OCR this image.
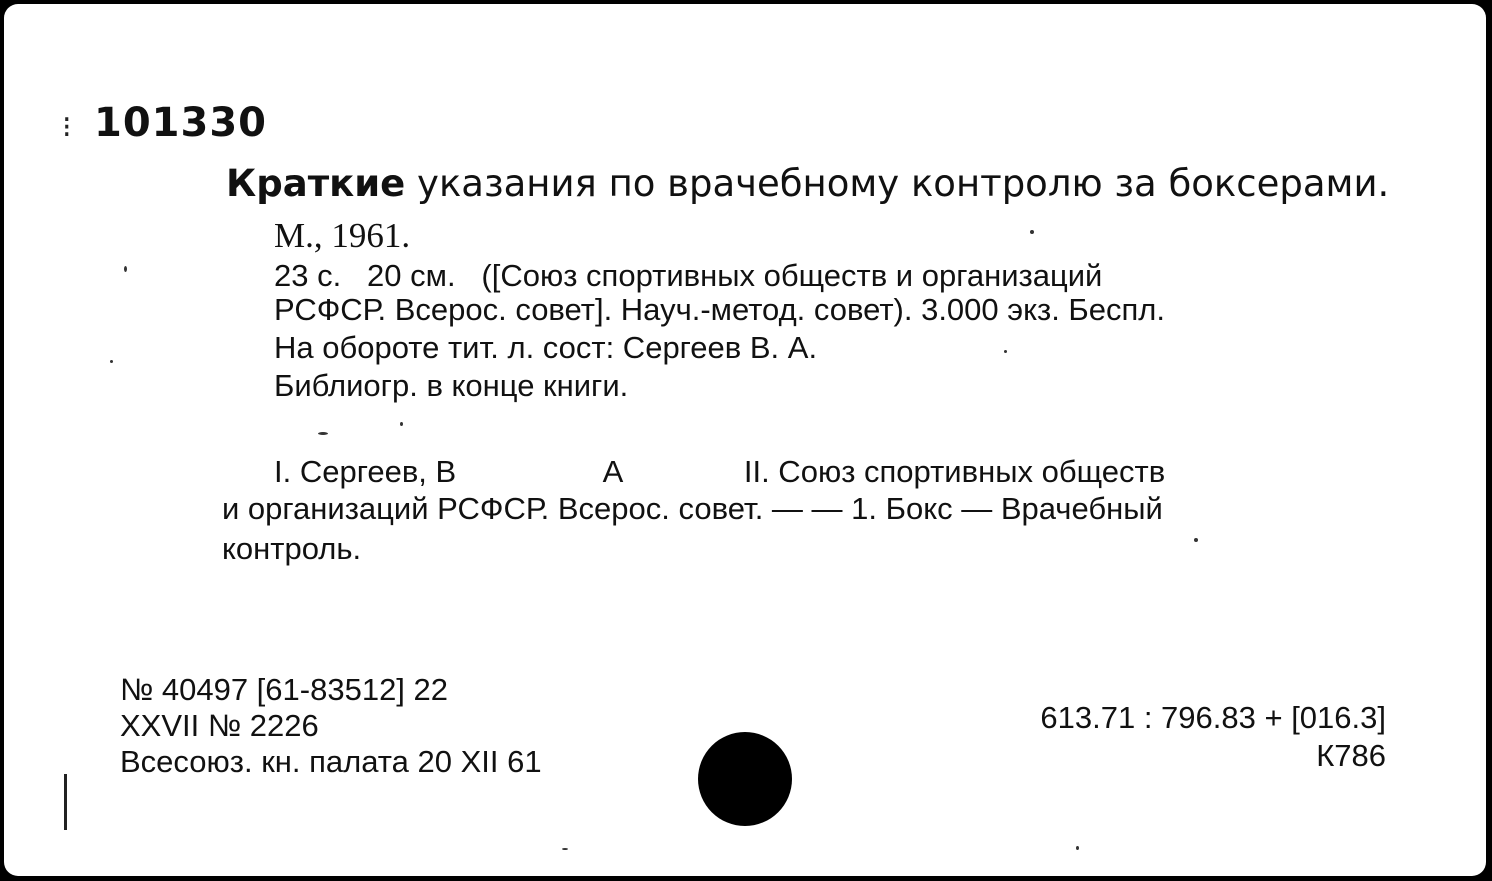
⁝ 101330
Краткие указания по врачебному контролю за боксерами.
М., 1961.
23 с.   20 см.   ([Союз спортивных обществ и организаций
РСФСР. Всерос. совет]. Науч.-метод. совет). 3.000 экз. Беспл.
На обороте тит. л. сост: Сергеев В. А.
Библиогр. в конце книги.
I. Сергеев, В                 А              II. Союз спортивных обществ
и организаций РСФСР. Всерос. совет. — — 1. Бокс — Врачебный
контроль.
№ 40497 [61-83512] 22
XXVII № 2226
Всесоюз. кн. палата 20 XII 61
613.71 : 796.83 + [016.3]
К786
